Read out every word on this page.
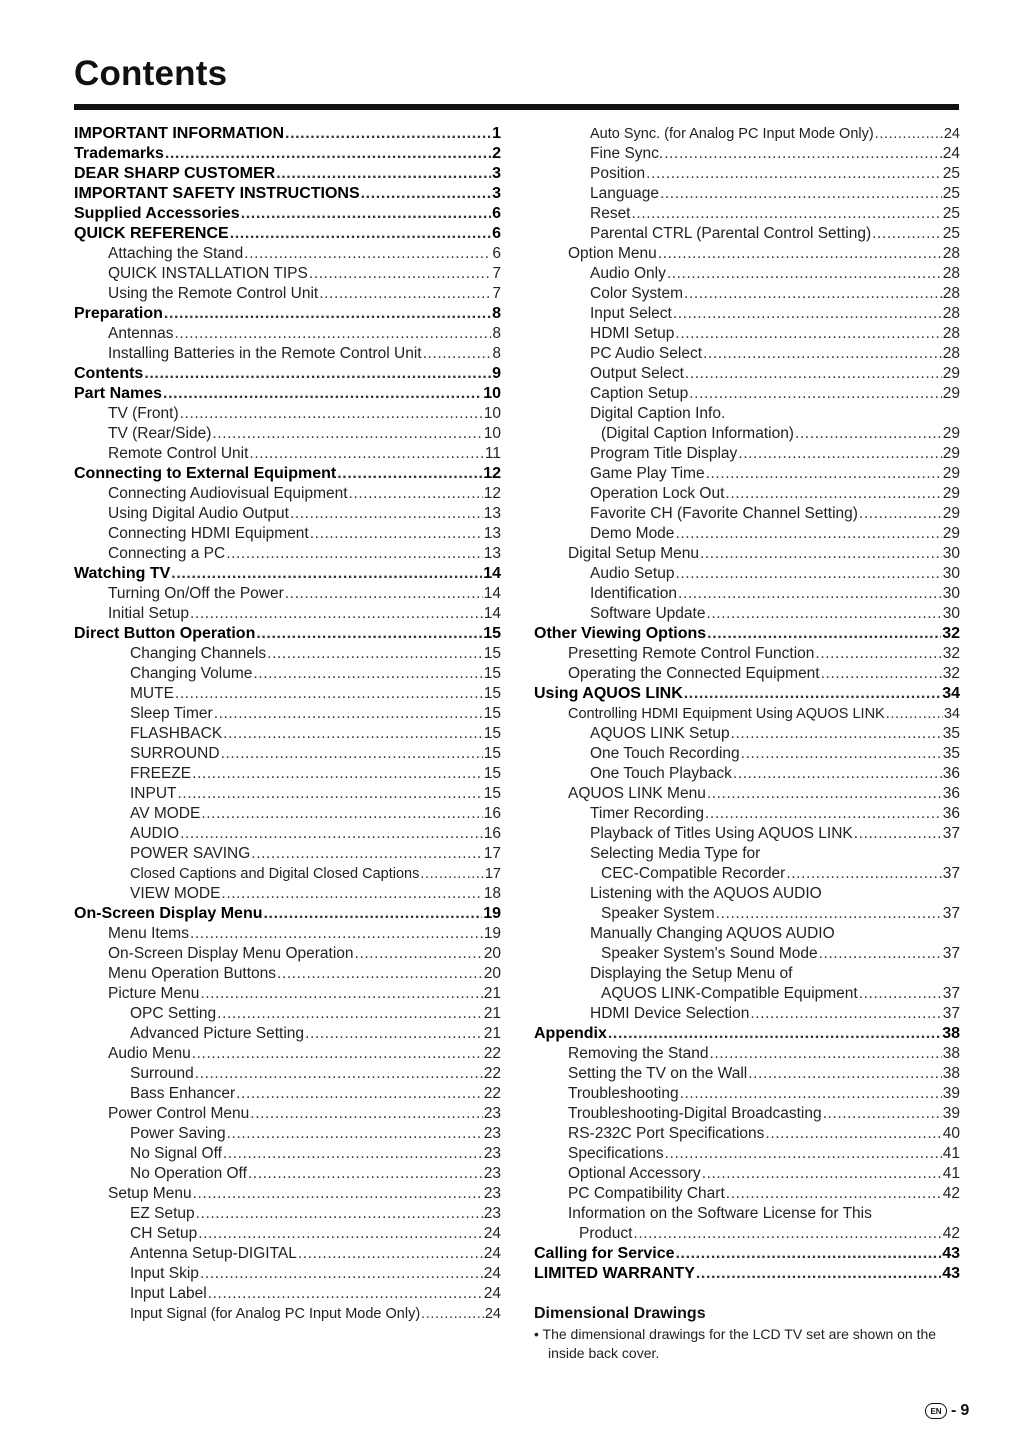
Contents
IMPORTANT INFORMATION .....	1
Trademarks .....	2
DEAR SHARP CUSTOMER .....	3
IMPORTANT SAFETY INSTRUCTIONS .....	3
Supplied Accessories .....	6
QUICK REFERENCE .....	6
Attaching the Stand .....	6
QUICK INSTALLATION TIPS .....	7
Using the Remote Control Unit .....	7
Preparation .....	8
Antennas .....	8
Installing Batteries in the Remote Control Unit .....	8
Contents .....	9
Part Names .....	10
TV (Front) .....	10
TV (Rear/Side) .....	10
Remote Control Unit .....	11
Connecting to External Equipment .....	12
Connecting Audiovisual Equipment .....	12
Using Digital Audio Output .....	13
Connecting HDMI Equipment .....	13
Connecting a PC .....	13
Watching TV .....	14
Turning On/Off the Power .....	14
Initial Setup .....	14
Direct Button Operation .....	15
Changing Channels .....	15
Changing Volume .....	15
MUTE .....	15
Sleep Timer .....	15
FLASHBACK .....	15
SURROUND .....	15
FREEZE .....	15
INPUT .....	15
AV MODE .....	16
AUDIO .....	16
POWER SAVING .....	17
Closed Captions and Digital Closed Captions .....	17
VIEW MODE .....	18
On-Screen Display Menu .....	19
Menu Items .....	19
On-Screen Display Menu Operation .....	20
Menu Operation Buttons .....	20
Picture Menu .....	21
OPC Setting .....	21
Advanced Picture Setting .....	21
Audio Menu .....	22
Surround .....	22
Bass Enhancer .....	22
Power Control Menu .....	23
Power Saving .....	23
No Signal Off .....	23
No Operation Off .....	23
Setup Menu .....	23
EZ Setup .....	23
CH Setup .....	24
Antenna Setup-DIGITAL .....	24
Input Skip .....	24
Input Label .....	24
Input Signal (for Analog PC Input Mode Only) .....	24
Auto Sync. (for Analog PC Input Mode Only) .....	24
Fine Sync. .....	24
Position .....	25
Language .....	25
Reset .....	25
Parental CTRL (Parental Control Setting) .....	25
Option Menu .....	28
Audio Only .....	28
Color System .....	28
Input Select .....	28
HDMI Setup .....	28
PC Audio Select .....	28
Output Select .....	29
Caption Setup .....	29
Digital Caption Info.
(Digital Caption Information) .....	29
Program Title Display .....	29
Game Play Time .....	29
Operation Lock Out .....	29
Favorite CH (Favorite Channel Setting) .....	29
Demo Mode .....	29
Digital Setup Menu .....	30
Audio Setup .....	30
Identification .....	30
Software Update .....	30
Other Viewing Options .....	32
Presetting Remote Control Function .....	32
Operating the Connected Equipment .....	32
Using AQUOS LINK .....	34
Controlling HDMI Equipment Using AQUOS LINK .....	34
AQUOS LINK Setup .....	35
One Touch Recording .....	35
One Touch Playback .....	36
AQUOS LINK Menu .....	36
Timer Recording .....	36
Playback of Titles Using AQUOS LINK .....	37
Selecting Media Type for
CEC-Compatible Recorder .....	37
Listening with the AQUOS AUDIO
Speaker System .....	37
Manually Changing AQUOS AUDIO
Speaker System's Sound Mode .....	37
Displaying the Setup Menu of
AQUOS LINK-Compatible Equipment .....	37
HDMI Device Selection .....	37
Appendix .....	38
Removing the Stand .....	38
Setting the TV on the Wall .....	38
Troubleshooting .....	39
Troubleshooting-Digital Broadcasting .....	39
RS-232C Port Specifications .....	40
Specifications .....	41
Optional Accessory .....	41
PC Compatibility Chart .....	42
Information on the Software License for This
Product .....	42
Calling for Service .....	43
LIMITED WARRANTY .....	43
Dimensional Drawings

• The dimensional drawings for the LCD TV set are shown on the inside back cover.

EN - 9
